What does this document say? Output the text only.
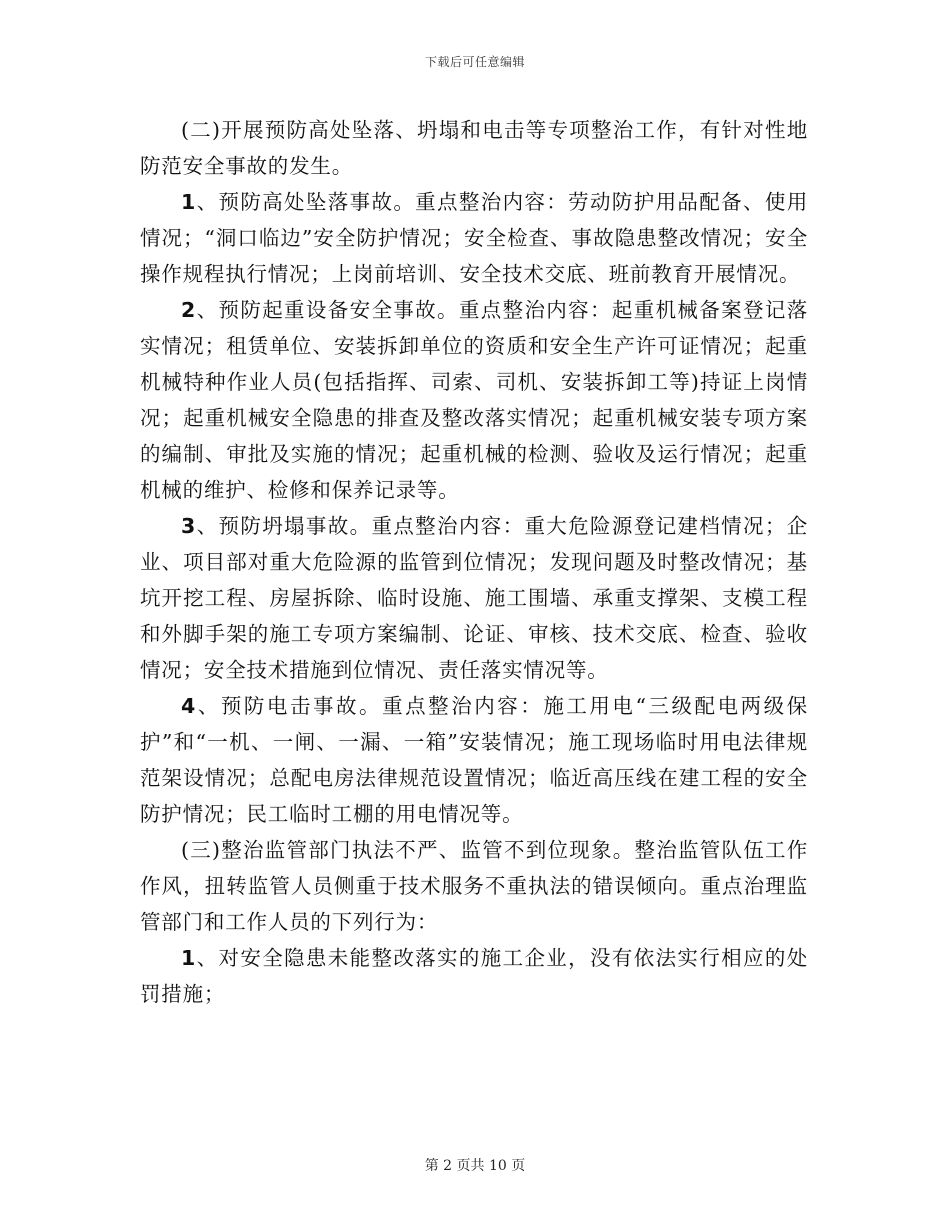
下载后可任意编辑

(二)开展预防高处坠落、坍塌和电击等专项整治工作，有针对性地防范安全事故的发生。

1、预防高处坠落事故。重点整治内容：劳动防护用品配备、使用情况；“洞口临边”安全防护情况；安全检查、事故隐患整改情况；安全操作规程执行情况；上岗前培训、安全技术交底、班前教育开展情况。

2、预防起重设备安全事故。重点整治内容：起重机械备案登记落实情况；租赁单位、安装拆卸单位的资质和安全生产许可证情况；起重机械特种作业人员(包括指挥、司索、司机、安装拆卸工等)持证上岗情况；起重机械安全隐患的排查及整改落实情况；起重机械安装专项方案的编制、审批及实施的情况；起重机械的检测、验收及运行情况；起重机械的维护、检修和保养记录等。

3、预防坍塌事故。重点整治内容：重大危险源登记建档情况；企业、项目部对重大危险源的监管到位情况；发现问题及时整改情况；基坑开挖工程、房屋拆除、临时设施、施工围墙、承重支撑架、支模工程和外脚手架的施工专项方案编制、论证、审核、技术交底、检查、验收情况；安全技术措施到位情况、责任落实情况等。

4、预防电击事故。重点整治内容：施工用电“三级配电两级保护”和“一机、一闸、一漏、一箱”安装情况；施工现场临时用电法律规范架设情况；总配电房法律规范设置情况；临近高压线在建工程的安全防护情况；民工临时工棚的用电情况等。

(三)整治监管部门执法不严、监管不到位现象。整治监管队伍工作作风，扭转监管人员侧重于技术服务不重执法的错误倾向。重点治理监管部门和工作人员的下列行为：

1、对安全隐患未能整改落实的施工企业，没有依法实行相应的处罚措施；

第 2 页共 10 页
